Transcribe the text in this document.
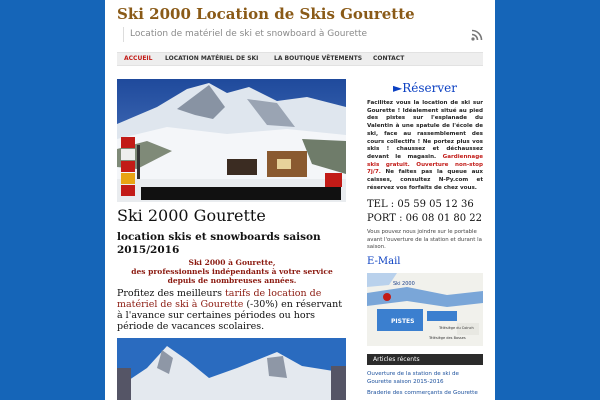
Ski 2000 Location de Skis Gourette
Location de matériel de ski et snowboard à Gourette
ACCUEIL LOCATION MATÉRIEL DE SKI	LA BOUTIQUE VÊTEMENTS CONTACT
Ski 2000 Gourette
location skis et snowboards saison
2015/2016
Ski 2000 à Gourette,
des professionnels indépendants à votre service
depuis de nombreuses années.
Profitez des meilleurs tarifs de location de matériel de ski à Gourette (-30%) en réservant à l'avance sur certaines périodes ou hors période de vacances scolaires.
►Réserver
Facilitez vous la location de ski sur Gourette ! Idéalement situé au pied des pistes sur l'esplanade du Valentin à une spatule de l'école de ski, face au rassemblement des cours collectifs ! Ne portez plus vos skis ! chaussez et déchaussez devant le magasin. Gardiennage skis gratuit. Ouverture non-stop 7j/7. Ne faites pas la queue aux caisses, consultez N-Py.com et réservez vos forfaits de chez vous.
TEL : 05 59 05 12 36
PORT : 06 08 01 80 22
Vous pouvez nous joindre sur le portable avant l'ouverture de la station et durant la saison.
E-Mail
Ski 2000
PISTES
Télésiège du Coinch
Télésiège des Bosses
Articles récents
Ouverture de la station de ski de Gourette saison 2015-2016
Braderie des commerçants de Gourette
